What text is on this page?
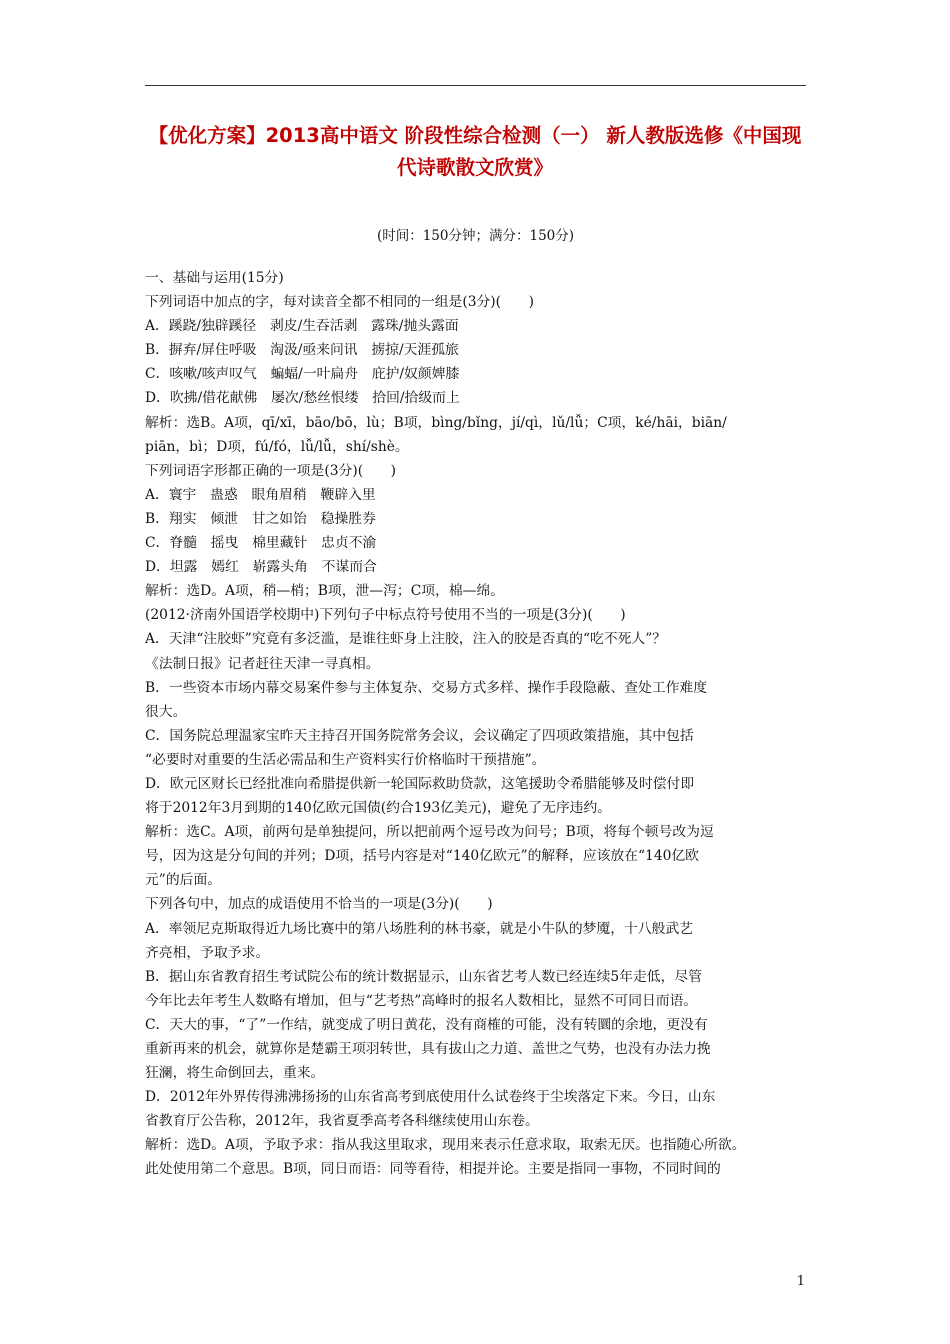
【优化方案】2013高中语文 阶段性综合检测（一） 新人教版选修《中国现代诗歌散文欣赏》
(时间：150分钟；满分：150分)
一、基础与运用(15分)
下列词语中加点的字，每对读音全都不相同的一组是(3分)(　　)
A．蹊跷/独辟蹊径　剥皮/生吞活剥　露珠/抛头露面
B．摒弃/屏住呼吸　淘汲/亟来问讯　掳掠/天涯孤旅
C．咳嗽/咳声叹气　蝙蝠/一叶扁舟　庇护/奴颜婢膝
D．吹拂/借花献佛　屡次/愁丝恨缕　拾回/拾级而上
解析：选B。A项，qī/xī，bāo/bō，lù；B项，bìng/bǐng，jí/qì，lǔ/lǚ；C项，ké/hāi，biān/
piān，bì；D项，fú/fó，lǚ/lǚ，shí/shè。
下列词语字形都正确的一项是(3分)(　　)
A．寰宇　蛊惑　眼角眉稍　鞭辟入里
B．翔实　倾泄　甘之如饴　稳操胜券
C．脊髓　摇曳　棉里藏针　忠贞不渝
D．坦露　嫣红　崭露头角　不谋而合
解析：选D。A项，稍—梢；B项，泄—泻；C项，棉—绵。
(2012·济南外国语学校期中)下列句子中标点符号使用不当的一项是(3分)(　　)
A．天津“注胶虾”究竟有多泛滥，是谁往虾身上注胶，注入的胶是否真的“吃不死人”？
《法制日报》记者赶往天津一寻真相。
B．一些资本市场内幕交易案件参与主体复杂、交易方式多样、操作手段隐蔽、查处工作难度
很大。
C．国务院总理温家宝昨天主持召开国务院常务会议，会议确定了四项政策措施，其中包括
“必要时对重要的生活必需品和生产资料实行价格临时干预措施”。
D．欧元区财长已经批准向希腊提供新一轮国际救助贷款，这笔援助令希腊能够及时偿付即
将于2012年3月到期的140亿欧元国债(约合193亿美元)，避免了无序违约。
解析：选C。A项，前两句是单独提问，所以把前两个逗号改为问号；B项，将每个顿号改为逗
号，因为这是分句间的并列；D项，括号内容是对“140亿欧元”的解释，应该放在“140亿欧
元”的后面。
下列各句中，加点的成语使用不恰当的一项是(3分)(　　)
A．率领尼克斯取得近九场比赛中的第八场胜利的林书豪，就是小牛队的梦魇，十八般武艺
齐亮相，予取予求。
B．据山东省教育招生考试院公布的统计数据显示，山东省艺考人数已经连续5年走低，尽管
今年比去年考生人数略有增加，但与“艺考热”高峰时的报名人数相比，显然不可同日而语。
C．天大的事，“了”一作结，就变成了明日黄花，没有商榷的可能，没有转圜的余地，更没有
重新再来的机会，就算你是楚霸王项羽转世，具有拔山之力道、盖世之气势，也没有办法力挽
狂澜，将生命倒回去，重来。
D．2012年外界传得沸沸扬扬的山东省高考到底使用什么试卷终于尘埃落定下来。今日，山东
省教育厅公告称，2012年，我省夏季高考各科继续使用山东卷。
解析：选D。A项，予取予求：指从我这里取求，现用来表示任意求取，取索无厌。也指随心所欲。
此处使用第二个意思。B项，同日而语：同等看待，相提并论。主要是指同一事物，不同时间的
1
